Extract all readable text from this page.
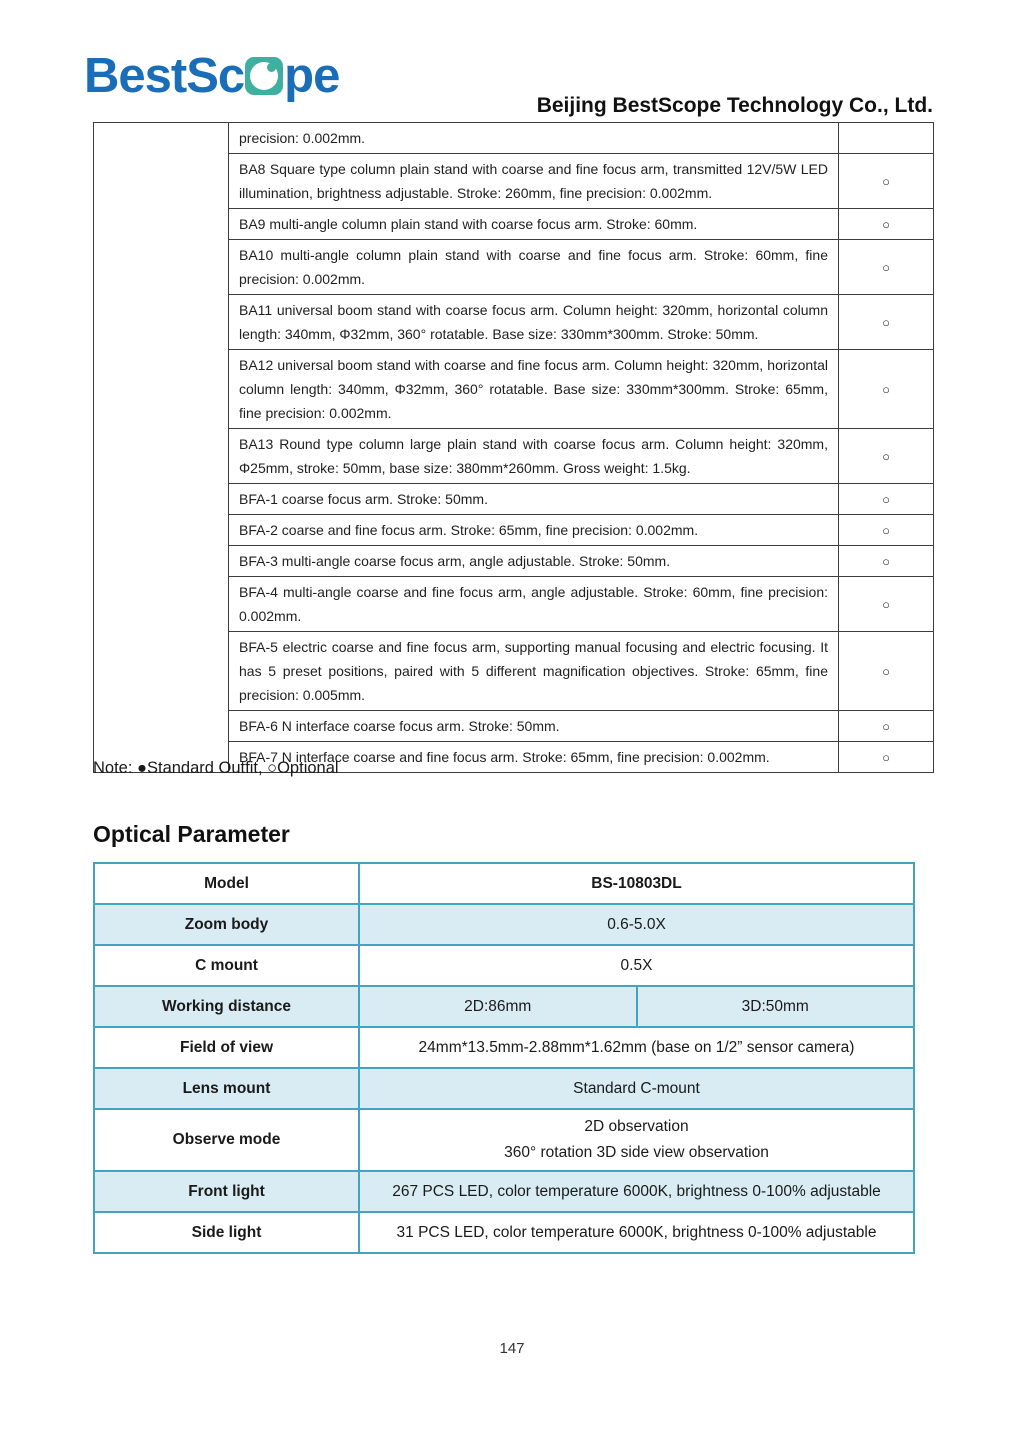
BestSc pe
Beijing BestScope Technology Co., Ltd.
	precision: 0.002mm.	
	BA8 Square type column plain stand with coarse and fine focus arm, transmitted 12V/5W LED illumination, brightness adjustable. Stroke: 260mm, fine precision: 0.002mm.	○
	BA9 multi-angle column plain stand with coarse focus arm. Stroke: 60mm.	○
	BA10 multi-angle column plain stand with coarse and fine focus arm. Stroke: 60mm, fine precision: 0.002mm.	○
	BA11 universal boom stand with coarse focus arm. Column height: 320mm, horizontal column length: 340mm, Φ32mm, 360° rotatable. Base size: 330mm*300mm. Stroke: 50mm.	○
	BA12 universal boom stand with coarse and fine focus arm. Column height: 320mm, horizontal column length: 340mm, Φ32mm, 360° rotatable. Base size: 330mm*300mm. Stroke: 65mm, fine precision: 0.002mm.	○
	BA13 Round type column large plain stand with coarse focus arm. Column height: 320mm, Φ25mm, stroke: 50mm, base size: 380mm*260mm. Gross weight: 1.5kg.	○
	BFA-1 coarse focus arm. Stroke: 50mm.	○
	BFA-2 coarse and fine focus arm. Stroke: 65mm, fine precision: 0.002mm.	○
	BFA-3 multi-angle coarse focus arm, angle adjustable. Stroke: 50mm.	○
	BFA-4 multi-angle coarse and fine focus arm, angle adjustable. Stroke: 60mm, fine precision: 0.002mm.	○
	BFA-5 electric coarse and fine focus arm, supporting manual focusing and electric focusing. It has 5 preset positions, paired with 5 different magnification objectives. Stroke: 65mm, fine precision: 0.005mm.	○
	BFA-6 N interface coarse focus arm. Stroke: 50mm.	○
	BFA-7 N interface coarse and fine focus arm. Stroke: 65mm, fine precision: 0.002mm.	○

Note: ●Standard Outfit, ○Optional

Optical Parameter
Model	BS-10803DL	
Zoom body	0.6-5.0X	
C mount	0.5X	
Working distance	2D:86mm	3D:50mm
Field of view	24mm*13.5mm-2.88mm*1.62mm (base on 1/2” sensor camera)	
Lens mount	Standard C-mount	
Observe mode	2D observation
360° rotation 3D side view observation	
Front light	267 PCS LED, color temperature 6000K, brightness 0-100% adjustable	
Side light	31 PCS LED, color temperature 6000K, brightness 0-100% adjustable	
147
